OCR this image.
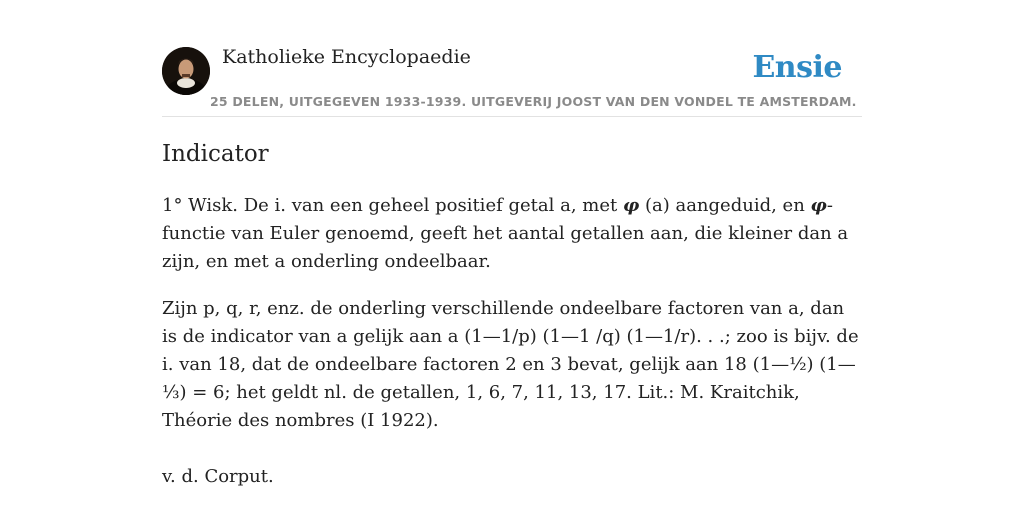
Katholieke Encyclopaedie	Ensie
25 DELEN, UITGEGEVEN 1933-1939. UITGEVERIJ JOOST VAN DEN VONDEL TE AMSTERDAM.
Indicator

1° Wisk. De i. van een geheel positief getal a, met φ (a) aangeduid, en φ-functie van Euler genoemd, geeft het aantal getallen aan, die kleiner dan a zijn, en met a onderling ondeelbaar.

Zijn p, q, r, enz. de onderling verschillende ondeelbare factoren van a, dan is de indicator van a gelijk aan a (1—1/p) (1—1 /q) (1—1/r). . .; zoo is bijv. de i. van 18, dat de ondeelbare factoren 2 en 3 bevat, gelijk aan 18 (1—½) (1—⅓) = 6; het geldt nl. de getallen, 1, 6, 7, 11, 13, 17. Lit.: M. Kraitchik, Théorie des nombres (I 1922).

v. d. Corput.
